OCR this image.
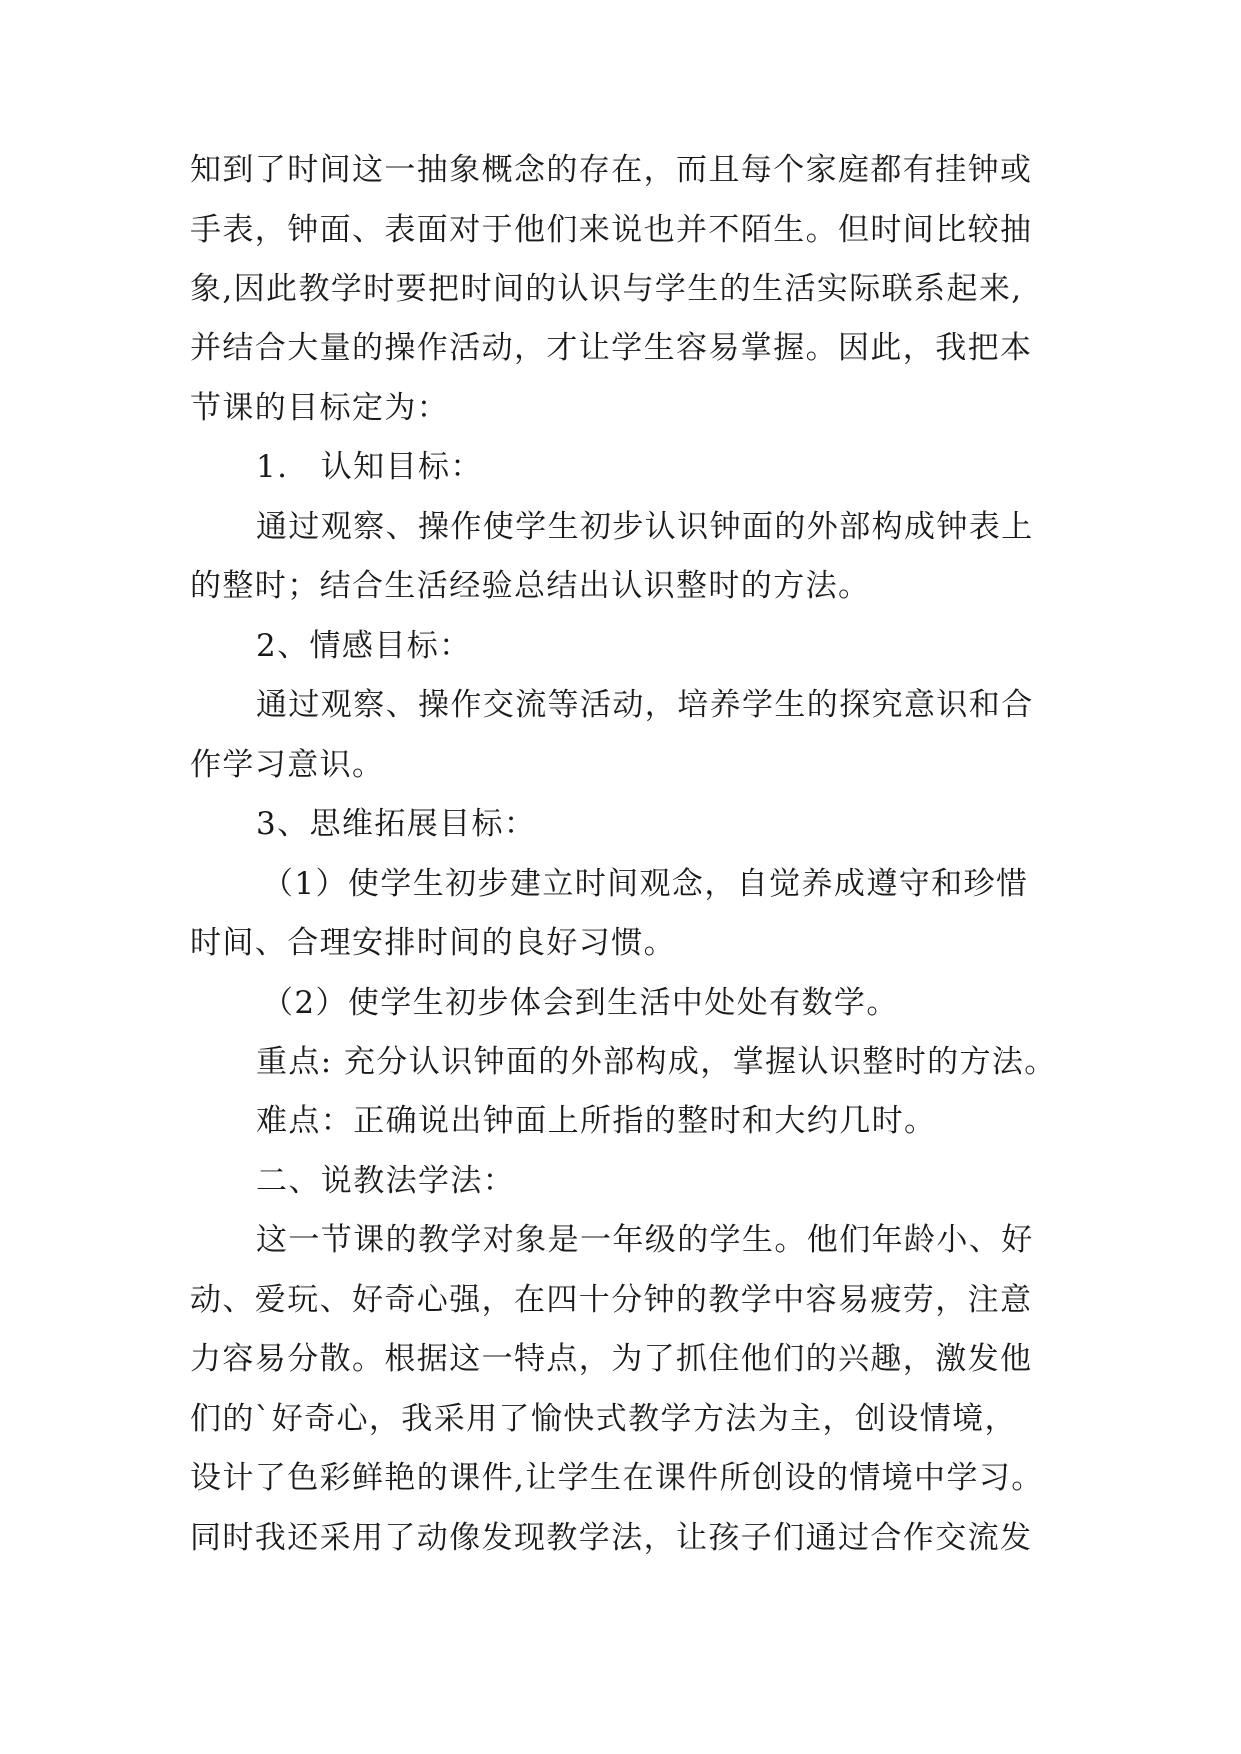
知到了时间这一抽象概念的存在，而且每个家庭都有挂钟或
手表，钟面、表面对于他们来说也并不陌生。但时间比较抽
象,因此教学时要把时间的认识与学生的生活实际联系起来,
并结合大量的操作活动，才让学生容易掌握。因此，我把本
节课的目标定为：
1.　认知目标：
通过观察、操作使学生初步认识钟面的外部构成钟表上
的整时；结合生活经验总结出认识整时的方法。
2、情感目标：
通过观察、操作交流等活动，培养学生的探究意识和合
作学习意识。
3、思维拓展目标：
（1）使学生初步建立时间观念，自觉养成遵守和珍惜
时间、合理安排时间的良好习惯。
（2）使学生初步体会到生活中处处有数学。
重点: 充分认识钟面的外部构成，掌握认识整时的方法。
难点：正确说出钟面上所指的整时和大约几时。
二、说教法学法：
这一节课的教学对象是一年级的学生。他们年龄小、好
动、爱玩、好奇心强，在四十分钟的教学中容易疲劳，注意
力容易分散。根据这一特点，为了抓住他们的兴趣，激发他
们的`好奇心，我采用了愉快式教学方法为主，创设情境，
设计了色彩鲜艳的课件,让学生在课件所创设的情境中学习。
同时我还采用了动像发现教学法，让孩子们通过合作交流发
